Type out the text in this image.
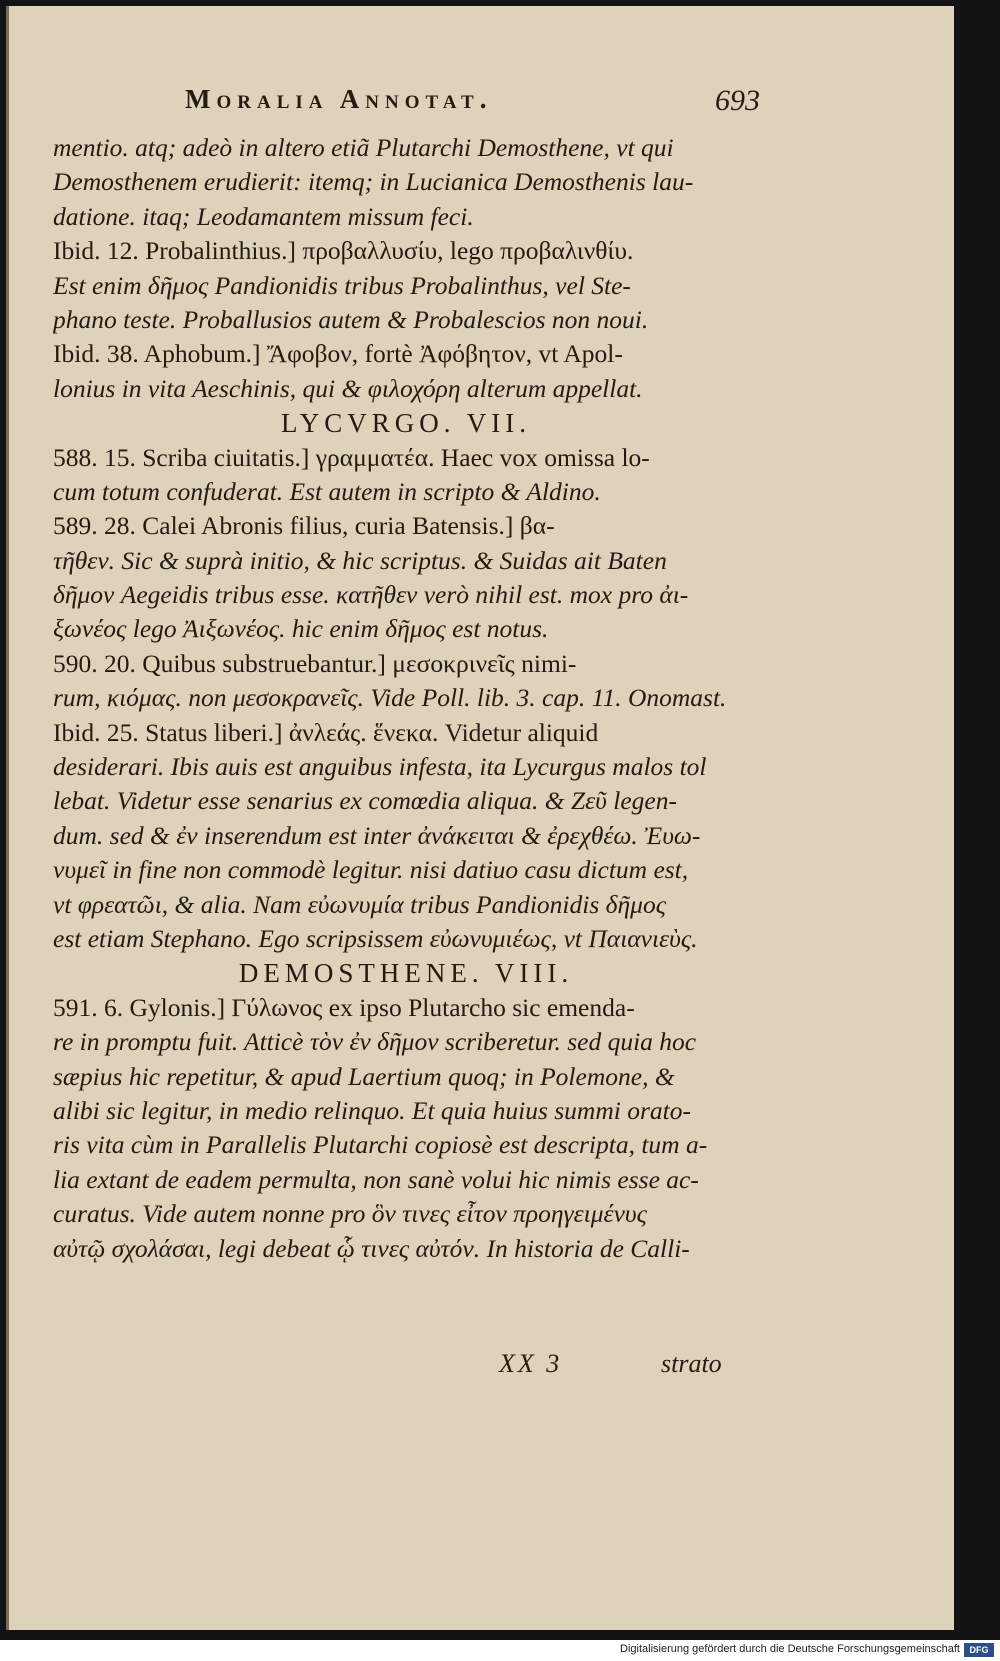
Moralia Annotat.	693
mentio. atq; adeò in altero etiã Plutarchi Demosthene, vt qui
Demosthenem erudierit: itemq; in Lucianica Demosthenis lau-
datione. itaq; Leodamantem missum feci.
Ibid. 12. Probalinthius.] προβαλλυσίυ, lego προβαλινθίυ.
Est enim δῆμος Pandionidis tribus Probalinthus, vel Ste-
phano teste. Proballusios autem & Probalescios non noui.
Ibid. 38. Aphobum.] Ἄφοβον, fortè Ἀφόβητον, vt Apol-
lonius in vita Aeschinis, qui & φιλοχόρη alterum appellat.
LYCVRGO. VII.
588. 15. Scriba ciuitatis.] γραμματέα. Haec vox omissa lo-
cum totum confuderat. Est autem in scripto & Aldino.
589. 28. Calei Abronis filius, curia Batensis.] βα-
τῆθεν. Sic & suprà initio, & hic scriptus. & Suidas ait Baten
δῆμον Aegeidis tribus esse. κατῆθεν verò nihil est. mox pro ἀι-
ξωνέος lego Ἀιξωνέος. hic enim δῆμος est notus.
590. 20. Quibus substruebantur.] μεσοκρινεῖς nimi-
rum, κιόμας. non μεσοκρανεῖς. Vide Poll. lib. 3. cap. 11. Onomast.
Ibid. 25. Status liberi.] ἀνλεάς. ἕνεκα. Videtur aliquid
desiderari. Ibis auis est anguibus infesta, ita Lycurgus malos tol
lebat. Videtur esse senarius ex comœdia aliqua. & Ζεῦ legen-
dum. sed & ἐν inserendum est inter ἀνάκειται & ἐρεχθέω. Ἐυω-
νυμεῖ in fine non commodè legitur. nisi datiuo casu dictum est,
vt φρεατῶι, & alia. Nam εὐωνυμία tribus Pandionidis δῆμος
est etiam Stephano. Ego scripsissem εὐωνυμιέως, vt Παιανιεὺς.
DEMOSTHENE. VIII.
591. 6. Gylonis.] Γύλωνος ex ipso Plutarcho sic emenda-
re in promptu fuit. Atticè τὸν ἐν δῆμον scriberetur. sed quia hoc
sæpius hic repetitur, & apud Laertium quoq; in Polemone, &
alibi sic legitur, in medio relinquo. Et quia huius summi orato-
ris vita cùm in Parallelis Plutarchi copiosè est descripta, tum a-
lia extant de eadem permulta, non sanè volui hic nimis esse ac-
curatus. Vide autem nonne pro ὃν τινες εἶτον προηγειμένυς
αὐτῷ σχολάσαι, legi debeat ᾧ τινες αὐτόν. In historia de Calli-
XX 3	strato
Digitalisierung gefördert durch die Deutsche Forschungsgemeinschaft	DFG
